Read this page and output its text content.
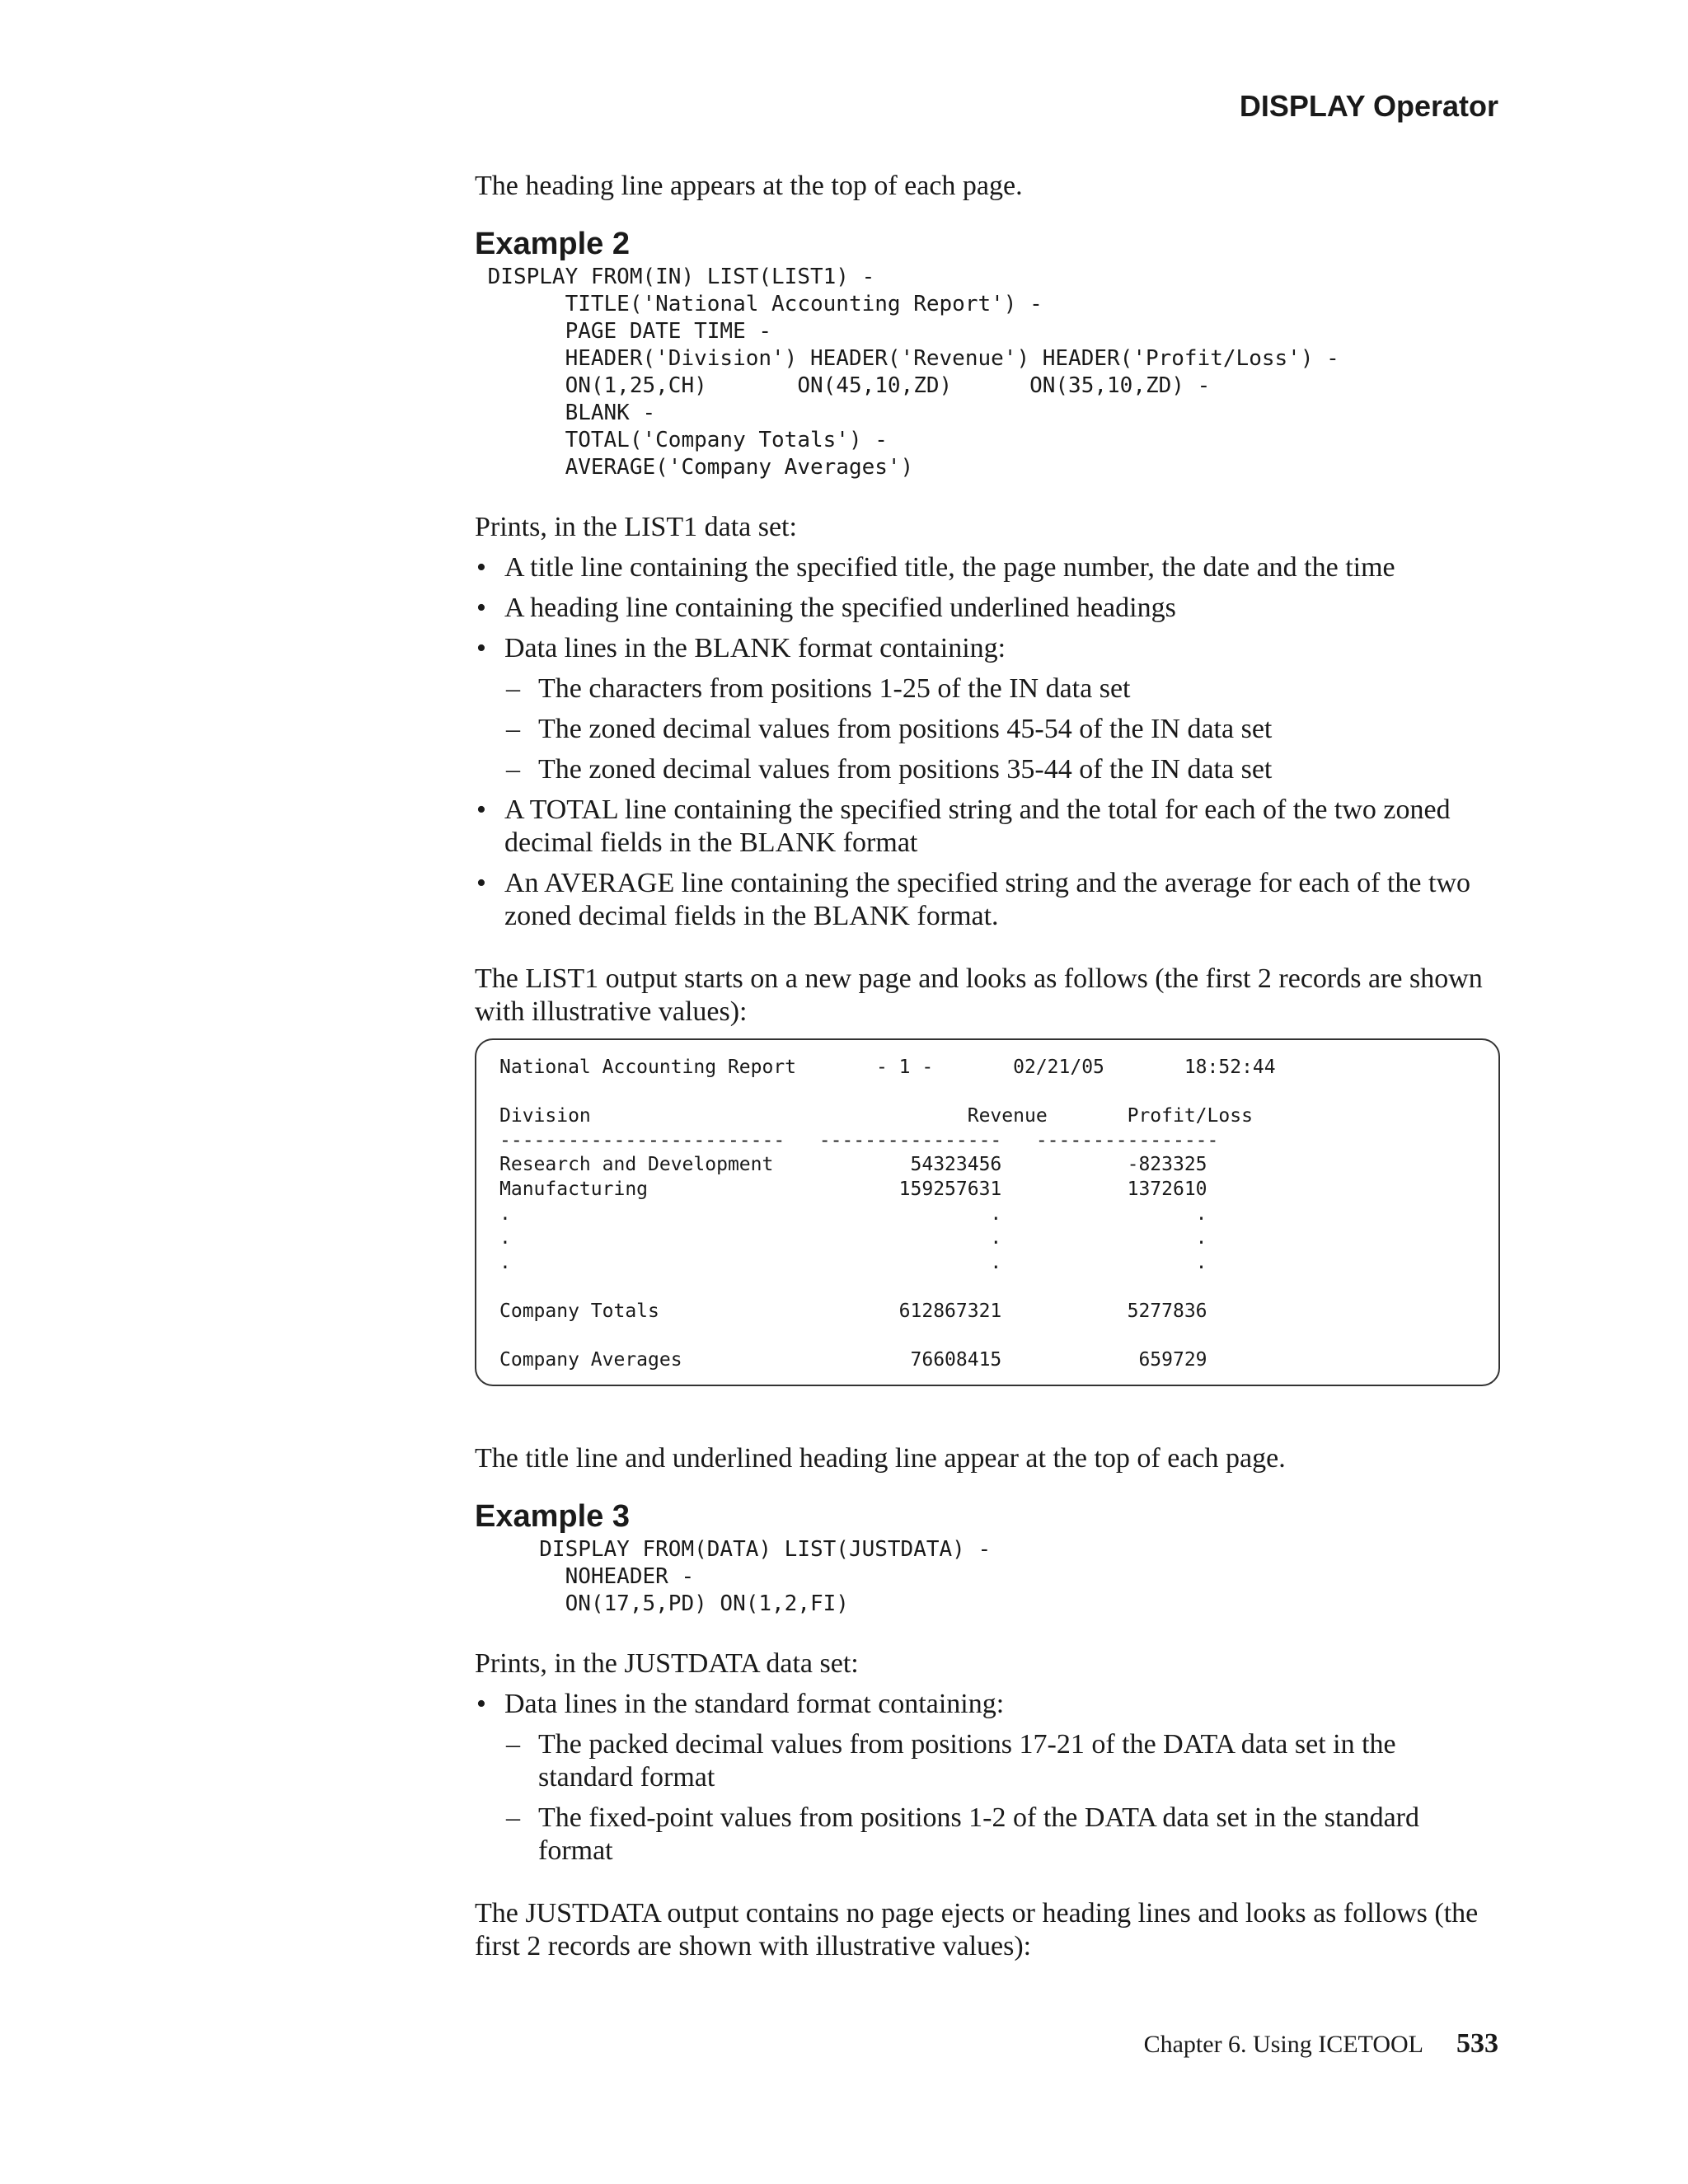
DISPLAY Operator

The heading line appears at the top of each page.

Example 2
DISPLAY FROM(IN) LIST(LIST1) -
TITLE('National Accounting Report') -
PAGE DATE TIME -
HEADER('Division') HEADER('Revenue') HEADER('Profit/Loss') -
ON(1,25,CH)       ON(45,10,ZD)      ON(35,10,ZD) -
BLANK -
TOTAL('Company Totals') -
AVERAGE('Company Averages')

Prints, in the LIST1 data set:

• A title line containing the specified title, the page number, the date and the time
• A heading line containing the specified underlined headings
• Data lines in the BLANK format containing:
– The characters from positions 1-25 of the IN data set
– The zoned decimal values from positions 45-54 of the IN data set
– The zoned decimal values from positions 35-44 of the IN data set
• A TOTAL line containing the specified string and the total for each of the two zoned decimal fields in the BLANK format
• An AVERAGE line containing the specified string and the average for each of the two zoned decimal fields in the BLANK format.

The LIST1 output starts on a new page and looks as follows (the first 2 records are shown with illustrative values):

National Accounting Report       - 1 -       02/21/05       18:52:44

Division                                 Revenue       Profit/Loss
-------------------------   ----------------   ----------------
Research and Development            54323456           -823325
Manufacturing                      159257631           1372610
.                                          .                 .
.                                          .                 .
.                                          .                 .

Company Totals                     612867321           5277836

Company Averages                    76608415            659729

The title line and underlined heading line appear at the top of each page.

Example 3
DISPLAY FROM(DATA) LIST(JUSTDATA) -
NOHEADER -
ON(17,5,PD) ON(1,2,FI)

Prints, in the JUSTDATA data set:

• Data lines in the standard format containing:
– The packed decimal values from positions 17-21 of the DATA data set in the standard format
– The fixed-point values from positions 1-2 of the DATA data set in the standard format

The JUSTDATA output contains no page ejects or heading lines and looks as follows (the first 2 records are shown with illustrative values):

Chapter 6. Using ICETOOL 533
